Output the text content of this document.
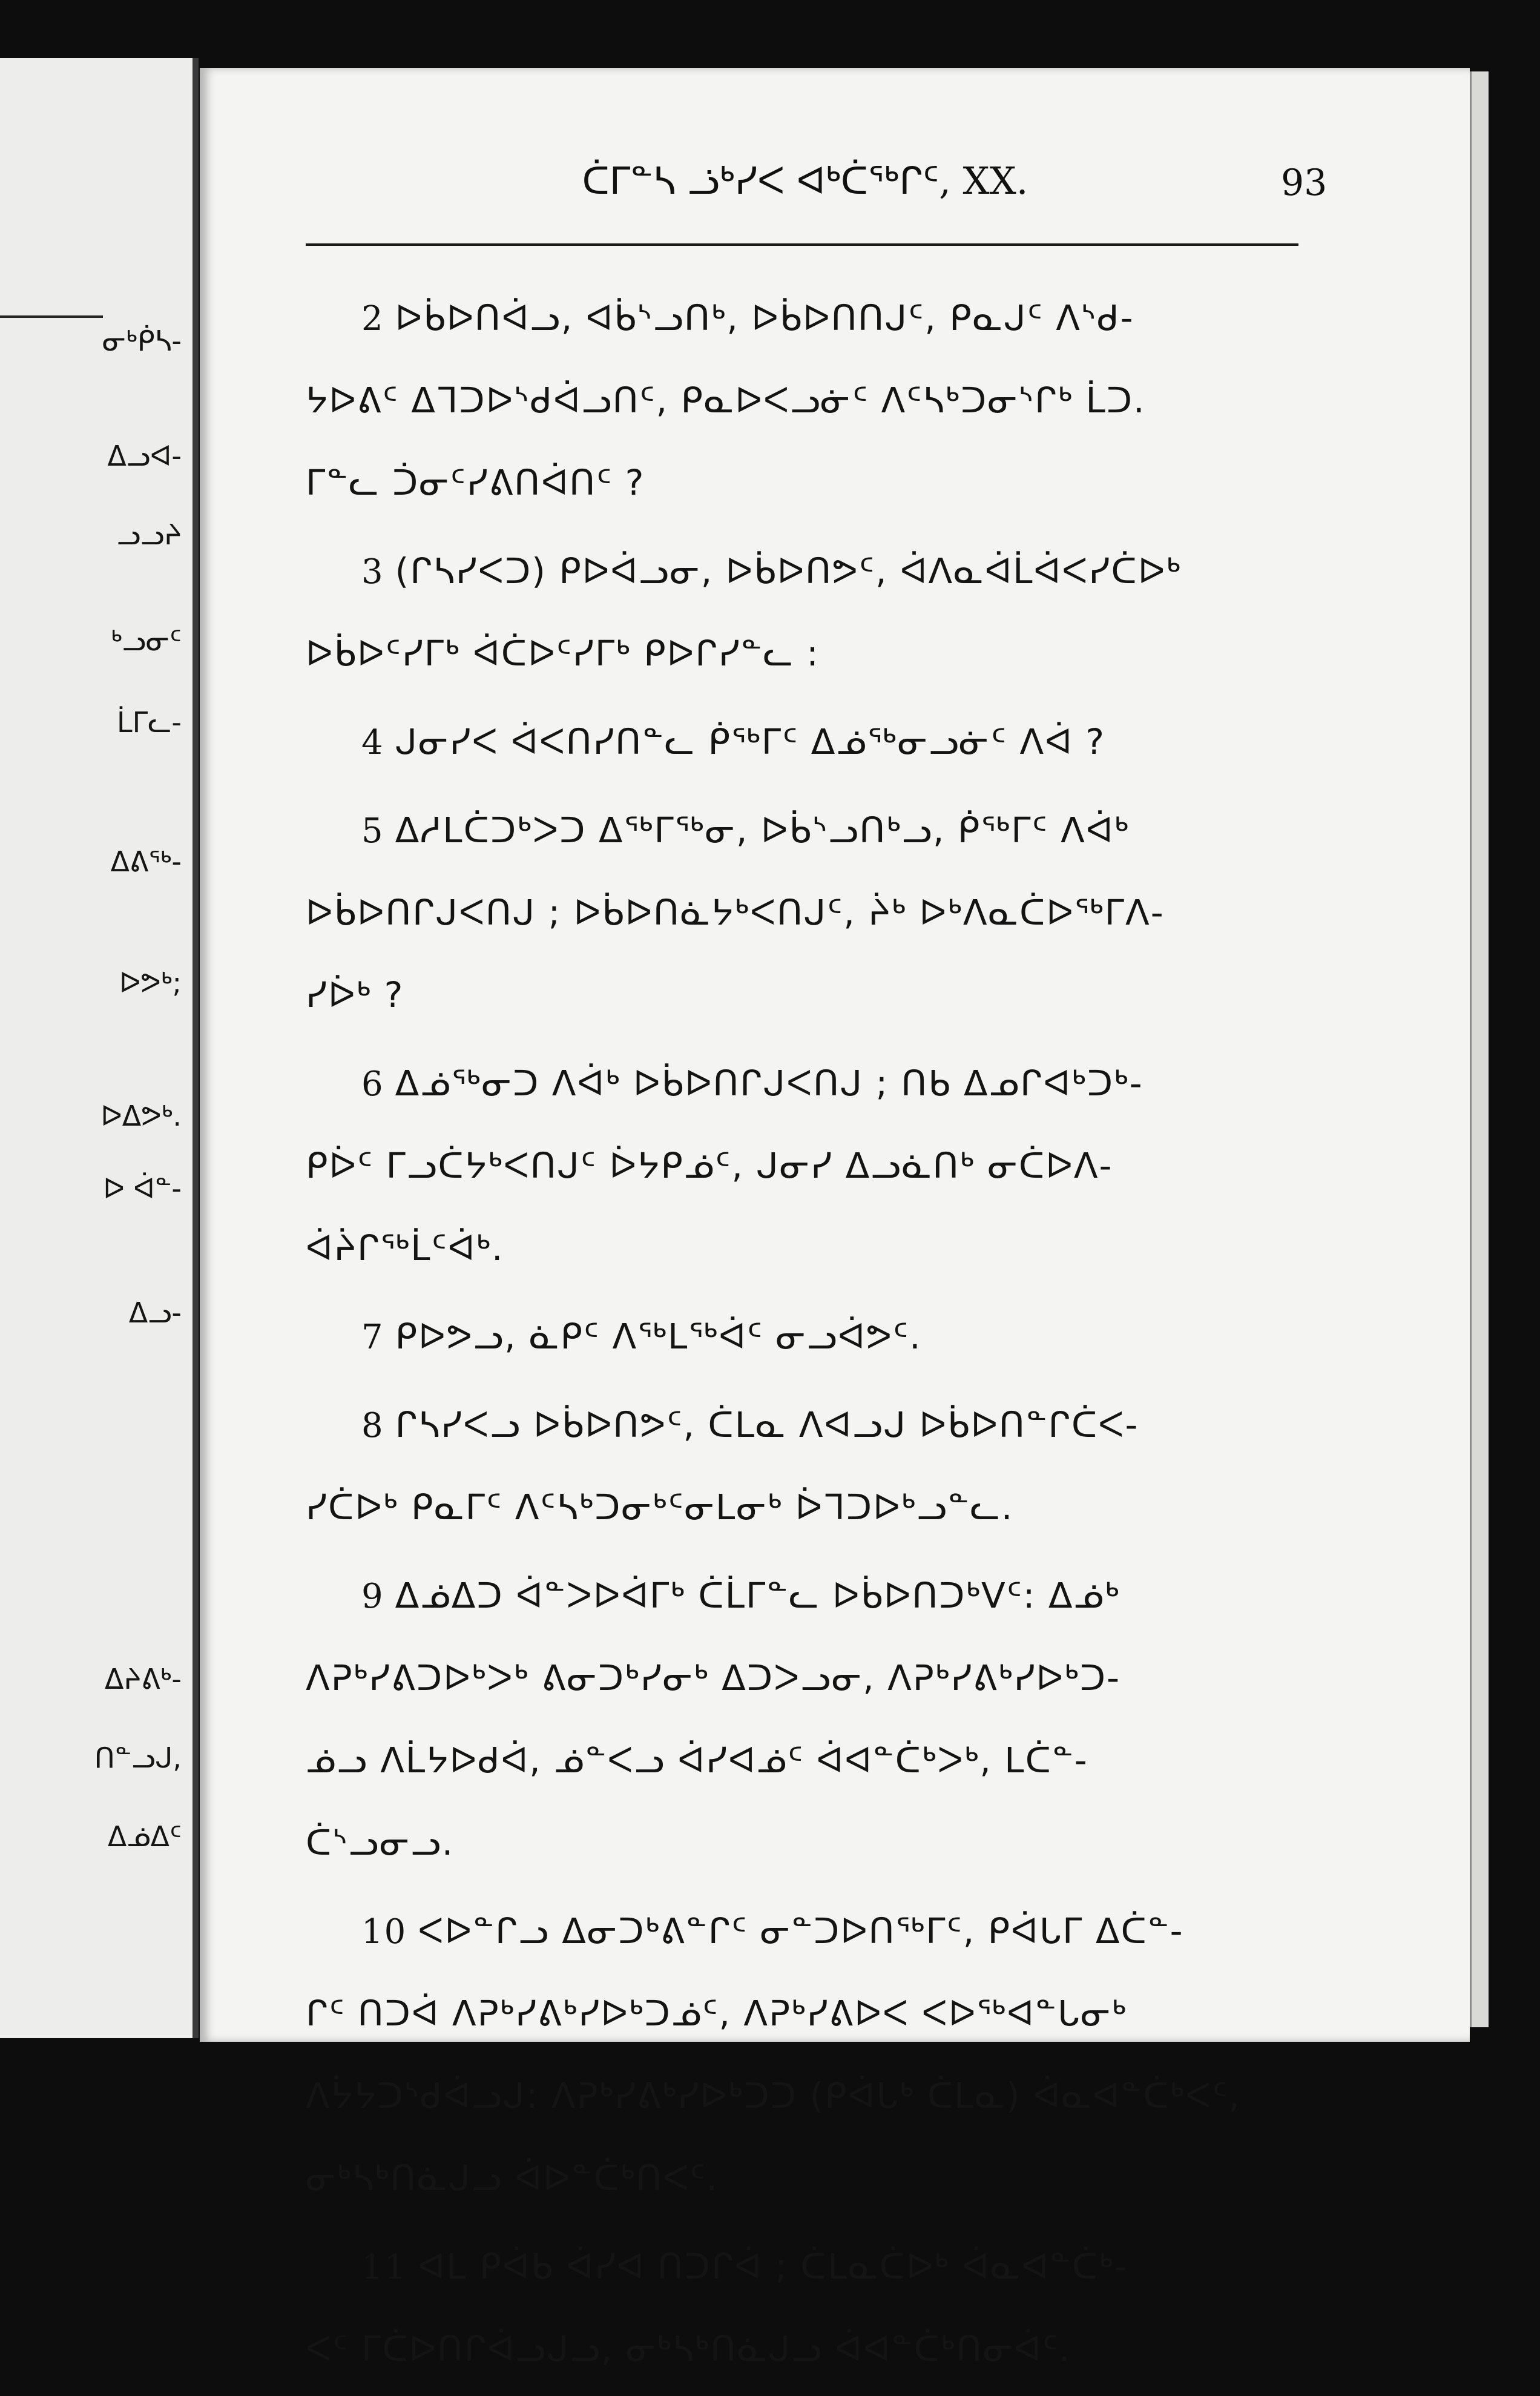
ᓂᒃᑮᓴ-
ᐃᓗᐊ-
ᓗᓗᔨ
ᒃᓗᓂᑦ
ᒫᒥᓚ-
ᐃᕕᖅ-
ᐅᕗᒃ;
ᐅᐃᕗᒃ.
ᐅ ᐋᓐ-
ᐃᓗ-
ᐃᔨᕕᒃ-
ᑎᓐᓗᒍ,
ᐃᓅᐃᑦ
ᑖᒥᓐᓴ ᓘᒃᓯᐸ ᐊᒃᑖᖅᒋᑦ, XX.	93
2 ᐅᑳᐅᑎᐋᓗ, ᐊᑳᔅᓗᑎᒃ, ᐅᑳᐅᑎᑎᒍᑦ, ᑭᓇᒍᑦ ᐱᔅᑯ-
ᔭᐅᕕᑦ ᐃᒣᑐᐅᔅᑯᐋᓗᑎᑦ, ᑭᓇᐅᐸᓗᓃᑦ ᐱᑦᓴᒃᑐᓂᔅᒋᒃ ᒫᑐ.
ᒥᓐᓚ ᑑᓂᑦᓯᕕᑎᐋᑎᑦ ?
3 (ᒋᓴᓯᐸᑐ) ᑭᐅᐋᓗᓂ, ᐅᑳᐅᑎᕗᑦ, ᐋᐱᓇᐋᒫᐋᐸᓯᑖᐅᒃ
ᐅᑳᐅᑦᓯᒥᒃ ᐋᑖᐅᑦᓯᒥᒃ ᑭᐅᒋᓯᓐᓚ :
4 ᒍᓂᓯᐸ ᐋᐸᑎᓯᑎᓐᓚ ᑮᖅᒥᑦ ᐃᓅᖅᓂᓗᓃᑦ ᐱᐋ ?
5 ᐃᓱᒪᑖᑐᒃᐳᑐ ᐃᖅᒥᖅᓂ, ᐅᑳᔅᓗᑎᒃᓗ, ᑮᖅᒥᑦ ᐱᐋᒃ
ᐅᑳᐅᑎᒋᒍᐸᑎᒍ ; ᐅᑳᐅᑎᓈᔭᒃᐸᑎᒍᑦ, ᔩᒃ ᐅᒃᐱᓇᑖᐅᖅᒥᐱ-
ᓯᐆᒃ ?
6 ᐃᓅᖅᓂᑐ ᐱᐋᒃ ᐅᑳᐅᑎᒋᒍᐸᑎᒍ ; ᑎᑲ ᐃᓄᒋᐊᒃᑐᒃ-
ᑭᐆᑦ ᒥᓗᑖᔭᒃᐸᑎᒍᑦ ᐆᔭᑭᓅᑦ, ᒍᓂᓯ ᐃᓗᓈᑎᒃ ᓂᑖᐅᐱ-
ᐋᔩᒋᖅᒫᑦᐋᒃ.
7 ᑭᐅᕗᓗ, ᓈᑭᑦ ᐱᖅᒪᖅᐋᑦ ᓂᓗᐋᕗᑦ.
8 ᒋᓴᓯᐸᓗ ᐅᑳᐅᑎᕗᑦ, ᑖᒪᓇ ᐱᐊᓗᒍ ᐅᑳᐅᑎᓐᒋᑖᐸ-
ᓯᑖᐅᒃ ᑭᓇᒥᑦ ᐱᑦᓴᒃᑐᓂᒃᑦᓂᒪᓂᒃ ᐆᒣᑐᐅᒃᓗᓐᓚ.
9 ᐃᓅᐃᑐ ᐋᓐᐳᐅᐋᒥᒃ ᑖᒫᒥᓐᓚ ᐅᑳᐅᑎᑐᒃᐯᑦ: ᐃᓅᒃ
ᐱᕈᒃᓯᕕᑐᐅᒃᐳᒃ ᕕᓂᑐᒃᓯᓂᒃ ᐃᑐᐳᓗᓂ, ᐱᕈᒃᓯᕕᒃᓯᐅᒃᑐ-
ᓅᓗ ᐱᒫᔭᐅᑯᐋ, ᓅᓐᐸᓗ ᐋᓯᐊᓅᑦ ᐋᐊᓐᑖᒃᐳᒃ, ᒪᑖᓐ-
ᑖᔅᓗᓂᓗ.
10 ᐸᐅᓐᒋᓗ ᐃᓂᑐᒃᕕᓐᒋᑦ ᓂᓐᑐᐅᑎᖅᒥᑦ, ᑭᐋᒐᒥ ᐃᑖᓐ-
ᒋᑦ ᑎᑐᐋ ᐱᕈᒃᓯᕕᒃᓯᐅᒃᑐᓅᑦ, ᐱᕈᒃᓯᕕᐅᐸ ᐸᐅᖅᐊᓐᒐᓂᒃ
ᐱᔮᔭᑐᔅᑯᐋᓗᒍ: ᐱᕈᒃᓯᕕᒃᓯᐅᒃᑐᑐ (ᑭᐋᒐᒃ ᑖᒪᓇ) ᐋᓇᐊᓐᑖᒃᐸᑦ,
ᓂᒃᓴᒃᑎᓈᒍᓗ ᐋᐅᓐᑖᒃᑎᐸᑦ.
11 ᐊᒪ ᑭᐋᑲ ᐋᓯᐊ ᑎᑐᒋᐋ ; ᑖᒪᓇᑖᐅᒃ ᐋᓇᐊᓐᑖᒃ-
ᐸᑦ ᒥᑖᐅᑎᒋᐋᓗᒍᓗ, ᓂᒃᓴᒃᑎᓈᒍᓗ ᐋᐊᓐᑖᒃᑎᓂᐋᑦ.
